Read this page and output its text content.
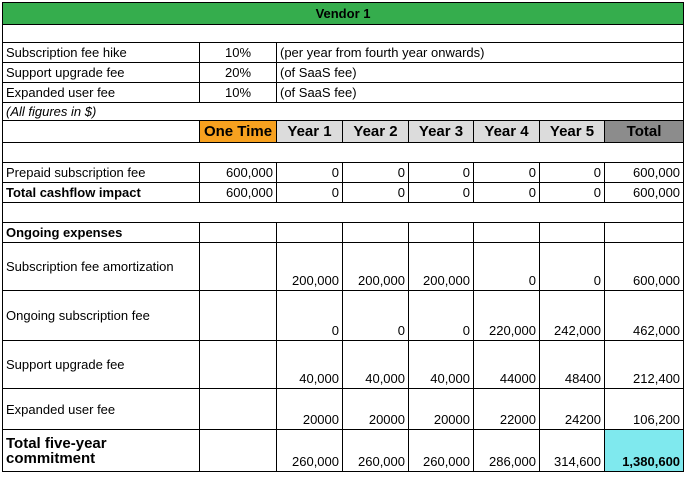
Vendor 1							

Subscription fee hike	10%	(per year from fourth year onwards)					
Support upgrade fee	20%	(of SaaS fee)					
Expanded user fee	10%	(of SaaS fee)					
(All figures in $)							
	One Time	Year 1	Year 2	Year 3	Year 4	Year 5	Total

Prepaid subscription fee	600,000	0	0	0	0	0	600,000
Total cashflow impact	600,000	0	0	0	0	0	600,000

Ongoing expenses							
Subscription fee amortization		200,000	200,000	200,000	0	0	600,000
Ongoing subscription fee		0	0	0	220,000	242,000	462,000
Support upgrade fee		40,000	40,000	40,000	44000	48400	212,400
Expanded user fee		20000	20000	20000	22000	24200	106,200
Total five-year commitment		260,000	260,000	260,000	286,000	314,600	1,380,600
